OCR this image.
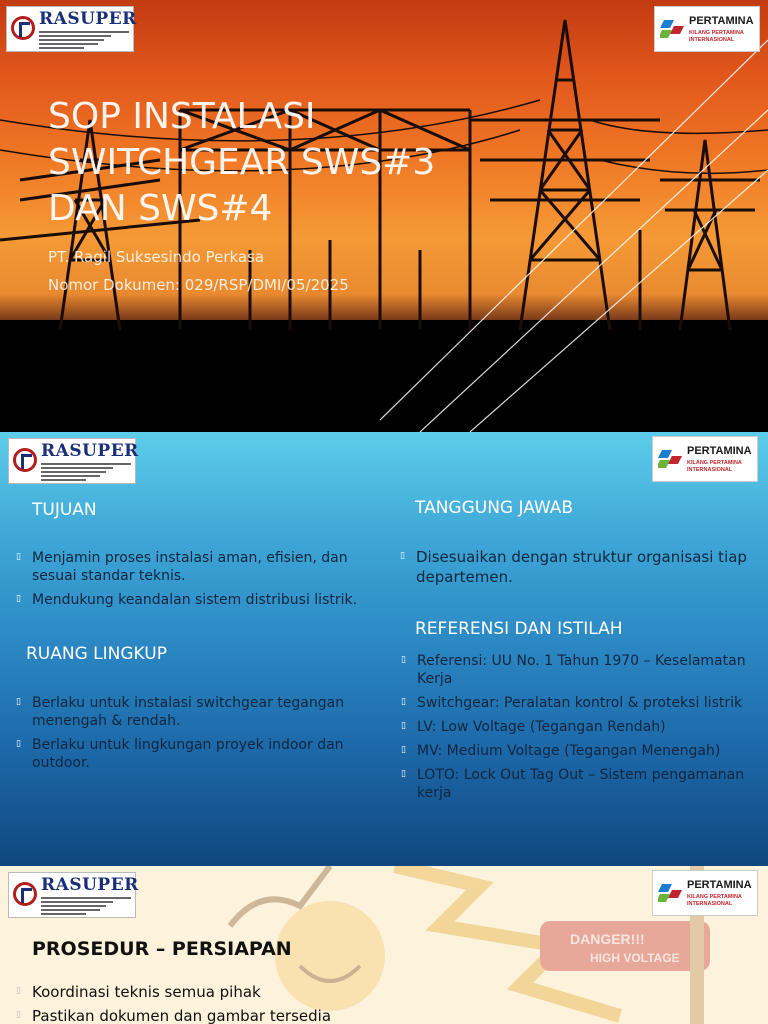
RASUPER	PERTAMINA
KILANG PERTAMINA INTERNASIONAL
SOP INSTALASI
SWITCHGEAR SWS#3
DAN SWS#4
PT. Ragil Suksesindo Perkasa
Nomor Dokumen: 029/RSP/DMI/05/2025
RASUPER	PERTAMINA
KILANG PERTAMINA INTERNASIONAL
TUJUAN
▯ Menjamin proses instalasi aman, efisien, dan sesuai standar teknis.
▯ Mendukung keandalan sistem distribusi listrik.
RUANG LINGKUP
▯ Berlaku untuk instalasi switchgear tegangan menengah & rendah.
▯ Berlaku untuk lingkungan proyek indoor dan outdoor.
TANGGUNG JAWAB
▯ Disesuaikan dengan struktur organisasi tiap departemen.
REFERENSI DAN ISTILAH
▯ Referensi: UU No. 1 Tahun 1970 – Keselamatan Kerja
▯ Switchgear: Peralatan kontrol & proteksi listrik
▯ LV: Low Voltage (Tegangan Rendah)
▯ MV: Medium Voltage (Tegangan Menengah)
▯ LOTO: Lock Out Tag Out – Sistem pengamanan kerja
DANGER!!!
HIGH VOLTAGE
RASUPER	PERTAMINA
KILANG PERTAMINA INTERNASIONAL
PROSEDUR – PERSIAPAN
▯ Koordinasi teknis semua pihak
▯ Pastikan dokumen dan gambar tersedia
